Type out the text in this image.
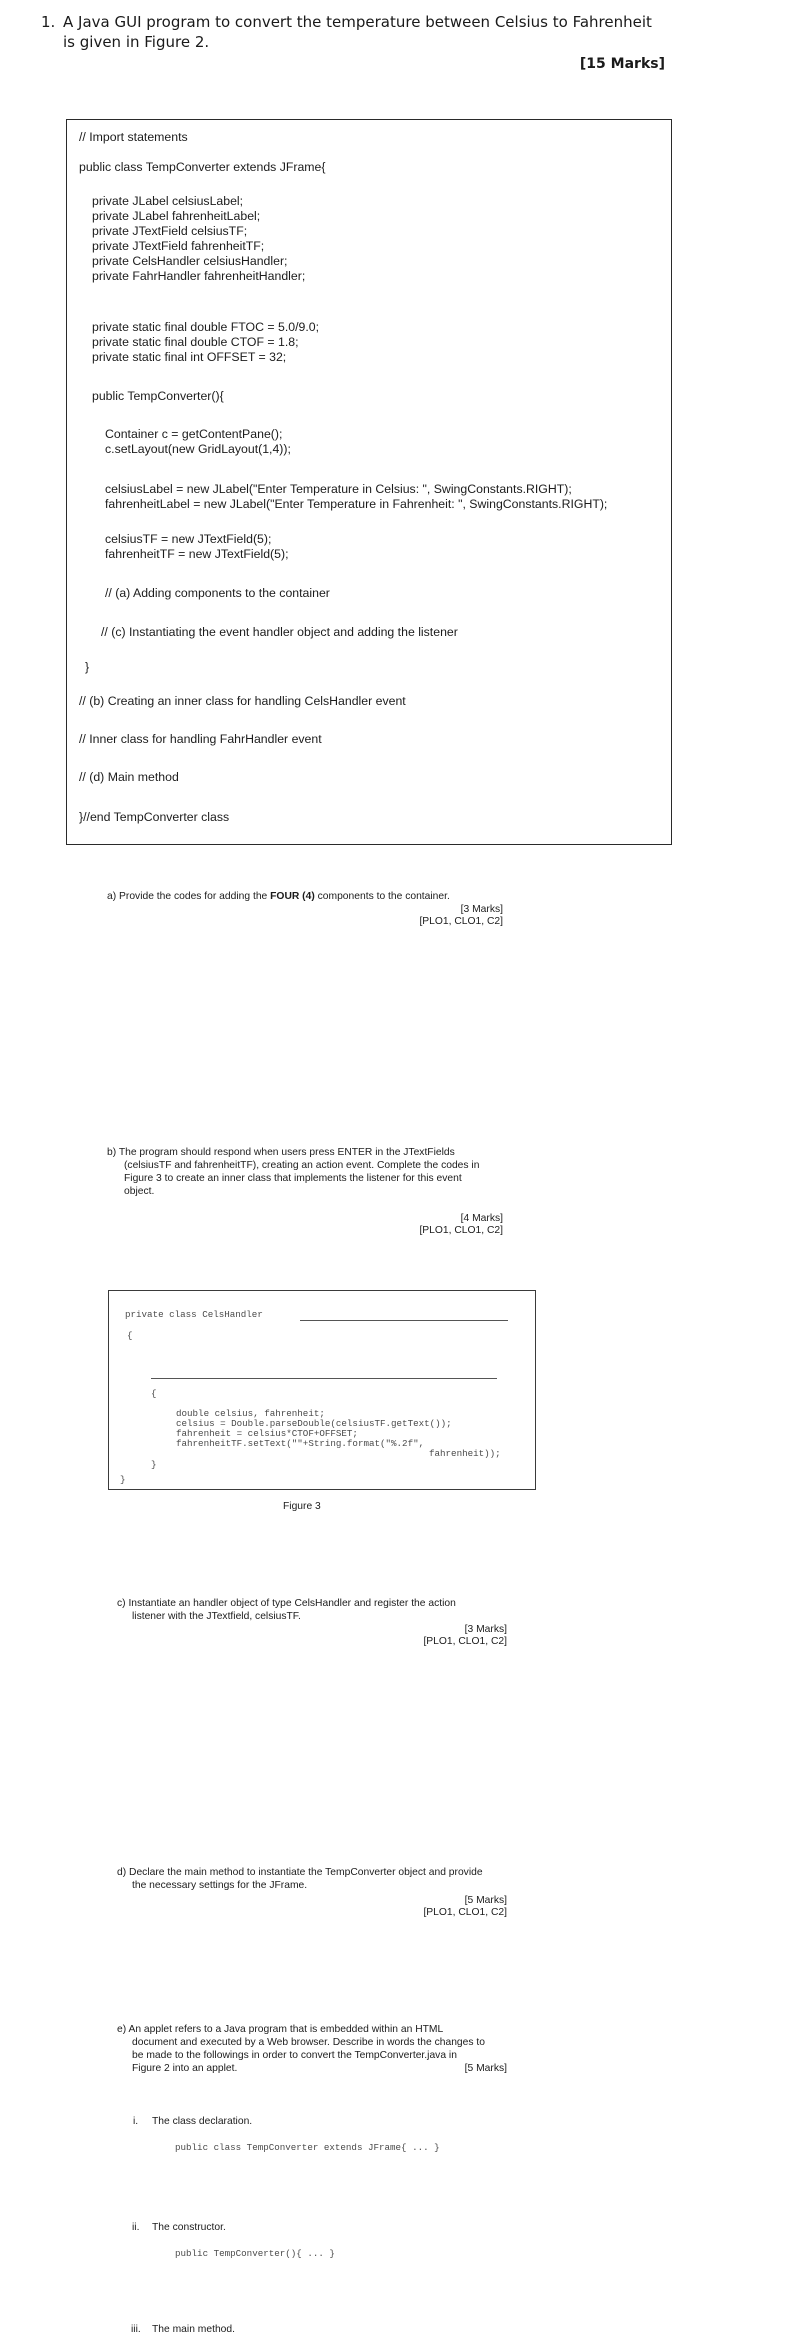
1. A Java GUI program to convert the temperature between Celsius to Fahrenheit is given in Figure 2.
[15 Marks]
// Import statements
public class TempConverter extends JFrame{
private JLabel celsiusLabel;
private JLabel fahrenheitLabel;
private JTextField celsiusTF;
private JTextField fahrenheitTF;
private CelsHandler celsiusHandler;
private FahrHandler fahrenheitHandler;
private static final double FTOC = 5.0/9.0;
private static final double CTOF = 1.8;
private static final int OFFSET = 32;
public TempConverter(){
Container c = getContentPane();
c.setLayout(new GridLayout(1,4));
celsiusLabel = new JLabel("Enter Temperature in Celsius: ", SwingConstants.RIGHT);
fahrenheitLabel = new JLabel("Enter Temperature in Fahrenheit: ", SwingConstants.RIGHT);
celsiusTF = new JTextField(5);
fahrenheitTF = new JTextField(5);
// (a) Adding components to the container
// (c) Instantiating the event handler object and adding the listener
}
// (b) Creating an inner class for handling CelsHandler event
// Inner class for handling FahrHandler event
// (d) Main method
}//end TempConverter class
a) Provide the codes for adding the FOUR (4) components to the container.
[3 Marks]
[PLO1, CLO1, C2]
b) The program should respond when users press ENTER in the JTextFields
(celsiusTF and fahrenheitTF), creating an action event. Complete the codes in
Figure 3 to create an inner class that implements the listener for this event
object.
[4 Marks]
[PLO1, CLO1, C2]
private class CelsHandler
{
{
double celsius, fahrenheit;
celsius = Double.parseDouble(celsiusTF.getText());
fahrenheit = celsius*CTOF+OFFSET;
fahrenheitTF.setText(""+String.format("%.2f",
fahrenheit));
}
}
Figure 3
c) Instantiate an handler object of type CelsHandler and register the action
listener with the JTextfield, celsiusTF.
[3 Marks]
[PLO1, CLO1, C2]
d) Declare the main method to instantiate the TempConverter object and provide
the necessary settings for the JFrame.
[5 Marks]
[PLO1, CLO1, C2]
e) An applet refers to a Java program that is embedded within an HTML
document and executed by a Web browser. Describe in words the changes to
be made to the followings in order to convert the TempConverter.java in
Figure 2 into an applet.	[5 Marks]
i. The class declaration.
public class TempConverter extends JFrame{ ... }
ii. The constructor.
public TempConverter(){ ... }
iii. The main method.
